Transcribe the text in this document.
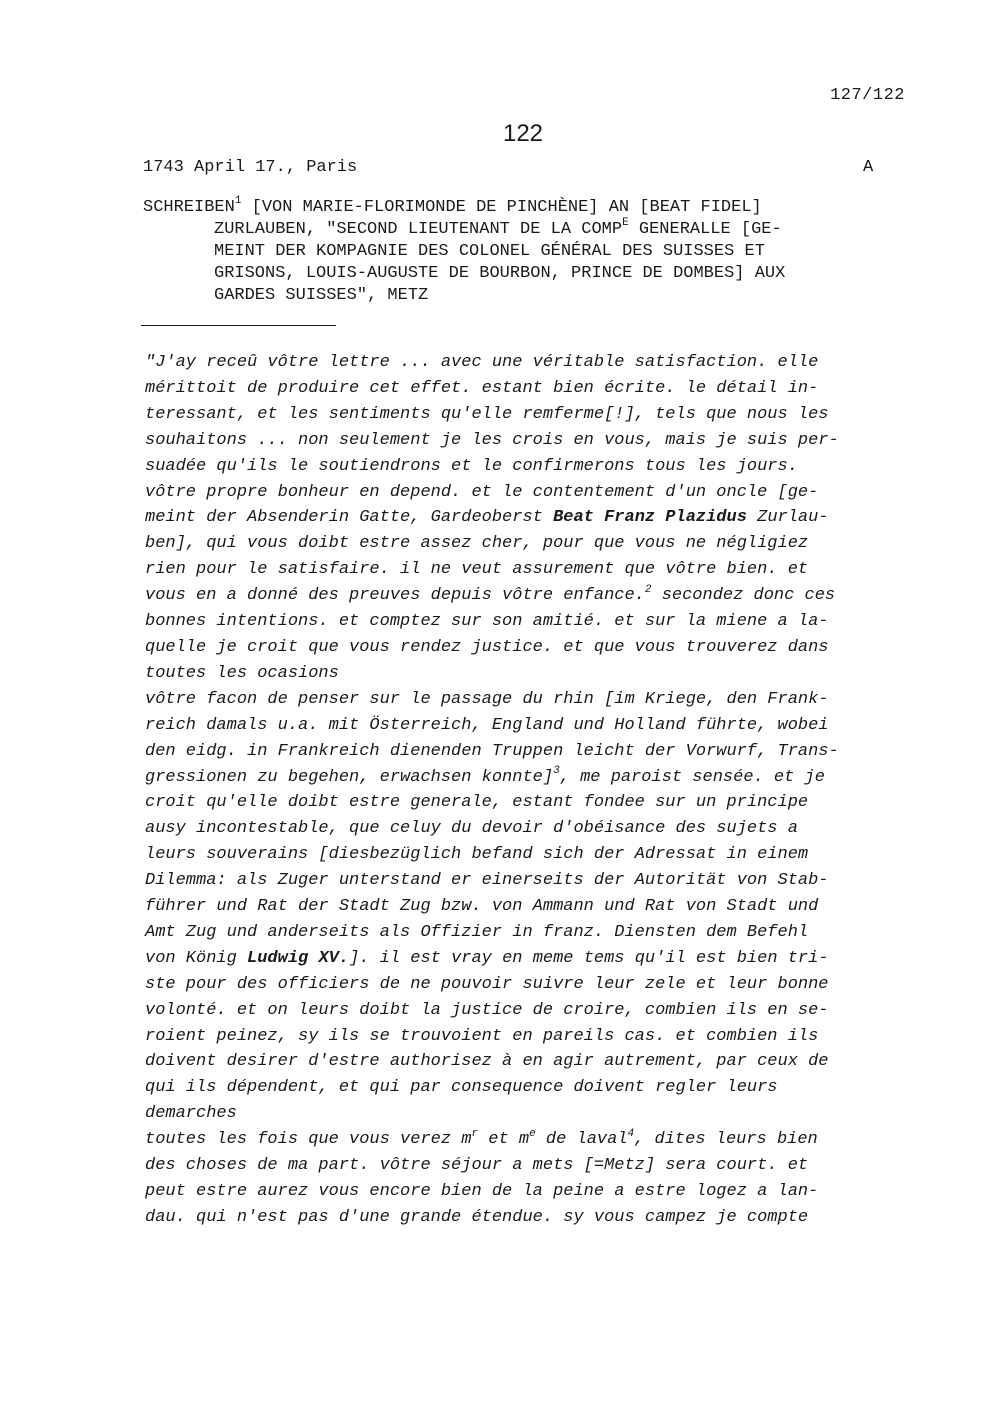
127/122
122
1743 April 17., Paris	A
SCHREIBEN$^1$ [VON MARIE-FLORIMONDE DE PINCHÈNE] AN [BEAT FIDEL]
ZURLAUBEN, "SECOND LIEUTENANT DE LA $COMP^E$ GENERALLE [GE-
MEINT DER KOMPAGNIE DES COLONEL GÉNÉRAL DES SUISSES ET
GRISONS, LOUIS-AUGUSTE DE BOURBON, PRINCE DE DOMBES] AUX
GARDES SUISSES", METZ
"J'ay receû vôtre lettre ... avec une véritable satisfaction. elle
mérittoit de produire cet effet. estant bien écrite. le détail in-
teressant, et les sentiments qu'elle remferme[!], tels que nous les
souhaitons ... non seulement je les crois en vous, mais je suis per-
suadée qu'ils le soutiendrons et le confirmerons tous les jours.
vôtre propre bonheur en depend. et le contentement d'un oncle [ge-
meint der Absenderin Gatte, Gardeoberst Beat Franz Plazidus Zurlau-
ben], qui vous doibt estre assez cher, pour que vous ne négligiez
rien pour le satisfaire. il ne veut assurement que vôtre bien. et
vous en a donné des preuves depuis vôtre enfance.$^2$ secondez donc ces
bonnes intentions. et comptez sur son amitié. et sur la miene a la-
quelle je croit que vous rendez justice. et que vous trouverez dans
toutes les ocasions
vôtre facon de penser sur le passage du rhin [im Kriege, den Frank-
reich damals u.a. mit Österreich, England und Holland führte, wobei
den eidg. in Frankreich dienenden Truppen leicht der Vorwurf, Trans-
gressionen zu begehen, erwachsen konnte]$^3$, me paroist sensée. et je
croit qu'elle doibt estre generale, estant fondee sur un principe
ausy incontestable, que celuy du devoir d'obéisance des sujets a
leurs souverains [diesbezüglich befand sich der Adressat in einem
Dilemma: als Zuger unterstand er einerseits der Autorität von Stab-
führer und Rat der Stadt Zug bzw. von Ammann und Rat von Stadt und
Amt Zug und anderseits als Offizier in franz. Diensten dem Befehl
von König Ludwig XV.]. il est vray en meme tems qu'il est bien tri-
ste pour des officiers de ne pouvoir suivre leur zele et leur bonne
volonté. et on leurs doibt la justice de croire, combien ils en se-
roient peinez, sy ils se trouvoient en pareils cas. et combien ils
doivent desirer d'estre authorisez à en agir autrement, par ceux de
qui ils dépendent, et qui par consequence doivent regler leurs
demarches
toutes les fois que vous verez $m^r$ et $m^e$ de laval$^4$, dites leurs bien
des choses de ma part. vôtre séjour a mets [=Metz] sera court. et
peut estre aurez vous encore bien de la peine a estre logez a lan-
dau. qui n'est pas d'une grande étendue. sy vous campez je compte
